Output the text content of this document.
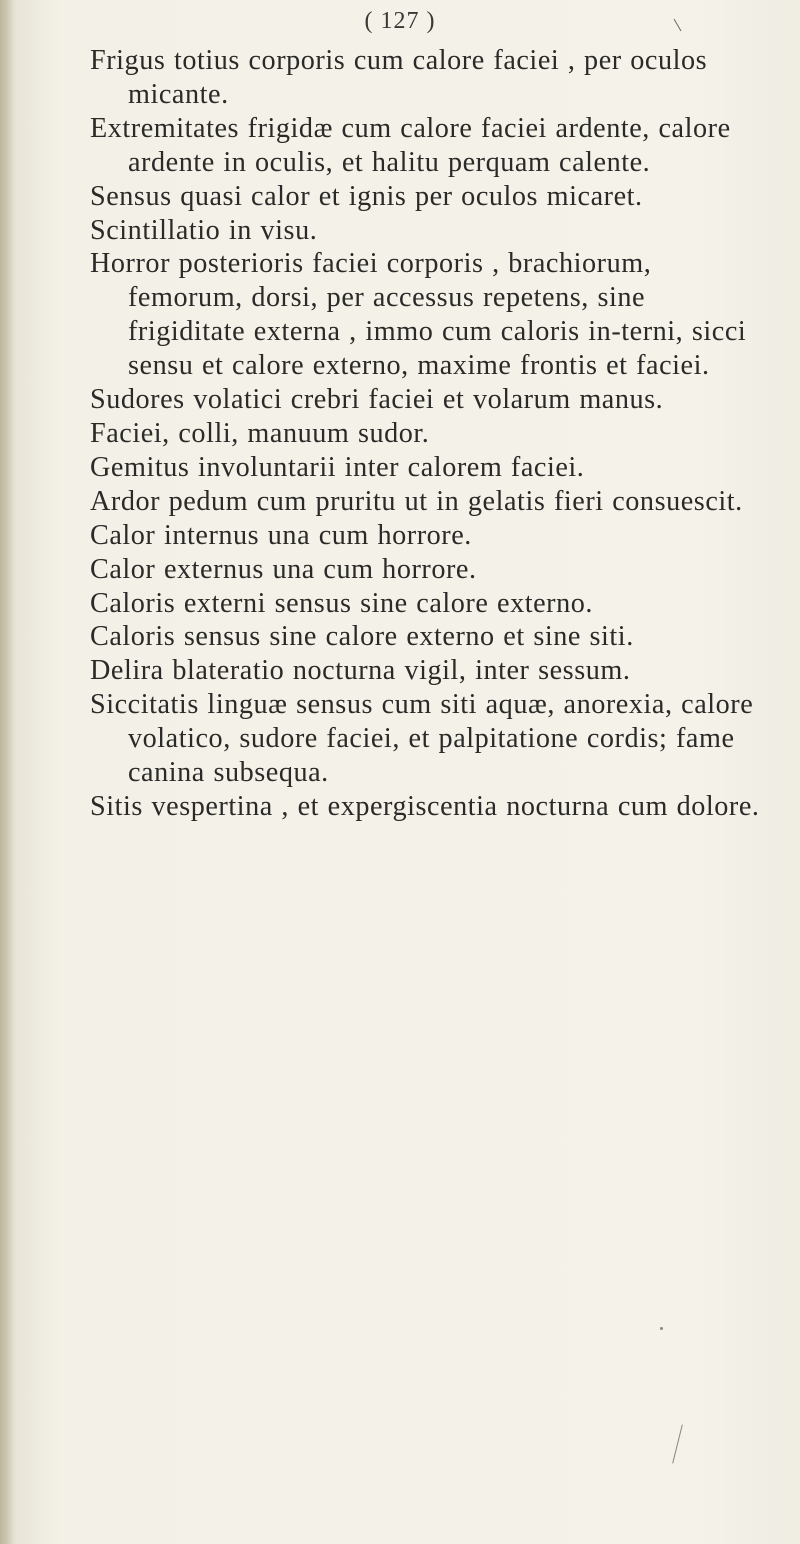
( 127 )
Frigus totius corporis cum calore faciei , per oculos micante.
Extremitates frigidæ cum calore faciei ardente, calore ardente in oculis, et halitu perquam calente.
Sensus quasi calor et ignis per oculos micaret.
Scintillatio in visu.
Horror posterioris faciei corporis , brachiorum, femorum, dorsi, per accessus repetens, sine frigiditate externa , immo cum caloris in-terni, sicci sensu et calore externo, maxime frontis et faciei.
Sudores volatici crebri faciei et volarum manus.
Faciei, colli, manuum sudor.
Gemitus involuntarii inter calorem faciei.
Ardor pedum cum pruritu ut in gelatis fieri consuescit.
Calor internus una cum horrore.
Calor externus una cum horrore.
Caloris externi sensus sine calore externo.
Caloris sensus sine calore externo et sine siti.
Delira blateratio nocturna vigil, inter sessum.
Siccitatis linguæ sensus cum siti aquæ, anorexia, calore volatico, sudore faciei, et palpitatione cordis; fame canina subsequa.
Sitis vespertina , et expergiscentia nocturna cum dolore.
